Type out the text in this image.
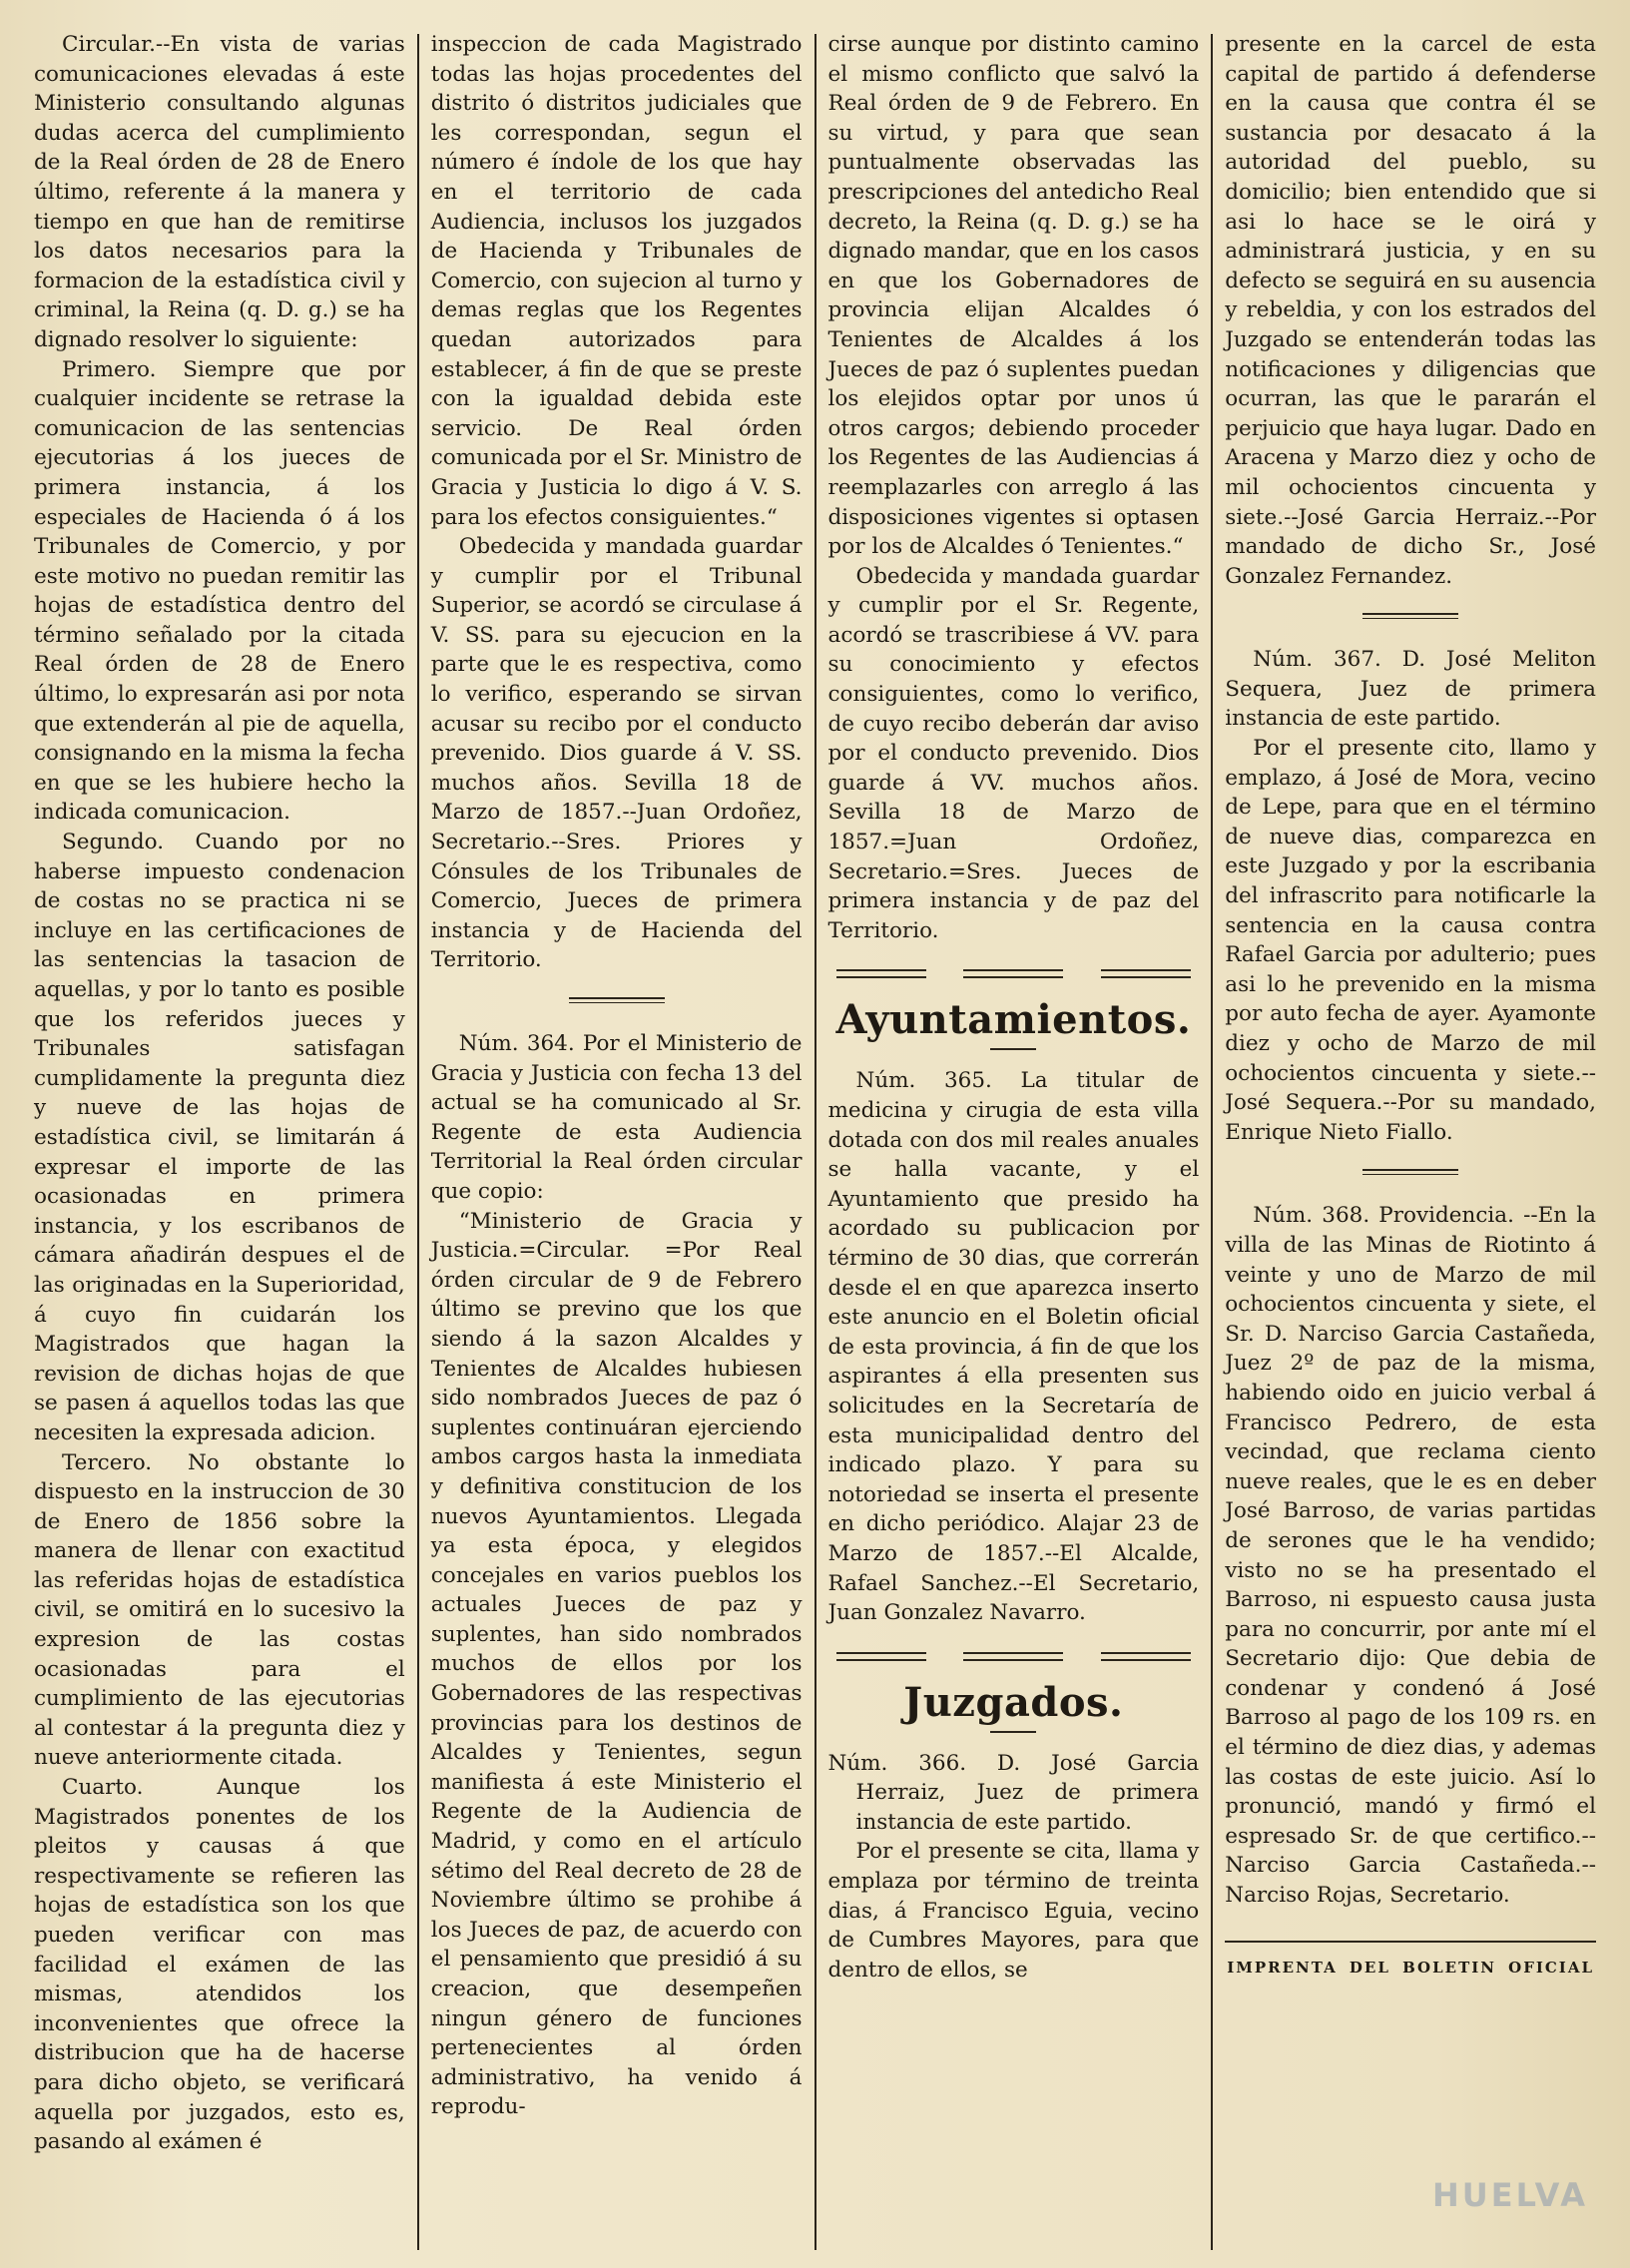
Circular.--En vista de varias comunicaciones elevadas á este Ministerio consultando algunas dudas acerca del cumplimiento de la Real órden de 28 de Enero último, referente á la manera y tiempo en que han de remitirse los datos necesarios para la formacion de la estadística civil y criminal, la Reina (q. D. g.) se ha dignado resolver lo siguiente:

Primero. Siempre que por cualquier incidente se retrase la comunicacion de las sentencias ejecutorias á los jueces de primera instancia, á los especiales de Hacienda ó á los Tribunales de Comercio, y por este motivo no puedan remitir las hojas de estadística dentro del término señalado por la citada Real órden de 28 de Enero último, lo expresarán asi por nota que extenderán al pie de aquella, consignando en la misma la fecha en que se les hubiere hecho la indicada comunicacion.

Segundo. Cuando por no haberse impuesto condenacion de costas no se practica ni se incluye en las certificaciones de las sentencias la tasacion de aquellas, y por lo tanto es posible que los referidos jueces y Tribunales satisfagan cumplidamente la pregunta diez y nueve de las hojas de estadística civil, se limitarán á expresar el importe de las ocasionadas en primera instancia, y los escribanos de cámara añadirán despues el de las originadas en la Superioridad, á cuyo fin cuidarán los Magistrados que hagan la revision de dichas hojas de que se pasen á aquellos todas las que necesiten la expresada adicion.

Tercero. No obstante lo dispuesto en la instruccion de 30 de Enero de 1856 sobre la manera de llenar con exactitud las referidas hojas de estadística civil, se omitirá en lo sucesivo la expresion de las costas ocasionadas para el cumplimiento de las ejecutorias al contestar á la pregunta diez y nueve anteriormente citada.

Cuarto. Aunque los Magistrados ponentes de los pleitos y causas á que respectivamente se refieren las hojas de estadística son los que pueden verificar con mas facilidad el exámen de las mismas, atendidos los inconvenientes que ofrece la distribucion que ha de hacerse para dicho objeto, se verificará aquella por juzgados, esto es, pasando al exámen é

inspeccion de cada Magistrado todas las hojas procedentes del distrito ó distritos judiciales que les correspondan, segun el número é índole de los que hay en el territorio de cada Audiencia, inclusos los juzgados de Hacienda y Tribunales de Comercio, con sujecion al turno y demas reglas que los Regentes quedan autorizados para establecer, á fin de que se preste con la igualdad debida este servicio. De Real órden comunicada por el Sr. Ministro de Gracia y Justicia lo digo á V. S. para los efectos consiguientes.“

Obedecida y mandada guardar y cumplir por el Tribunal Superior, se acordó se circulase á V. SS. para su ejecucion en la parte que le es respectiva, como lo verifico, esperando se sirvan acusar su recibo por el conducto prevenido. Dios guarde á V. SS. muchos años. Sevilla 18 de Marzo de 1857.--Juan Ordoñez, Secretario.--Sres. Priores y Cónsules de los Tribunales de Comercio, Jueces de primera instancia y de Hacienda del Territorio.

Núm. 364. Por el Ministerio de Gracia y Justicia con fecha 13 del actual se ha comunicado al Sr. Regente de esta Audiencia Territorial la Real órden circular que copio:

“Ministerio de Gracia y Justicia.=Circular. =Por Real órden circular de 9 de Febrero último se previno que los que siendo á la sazon Alcaldes y Tenientes de Alcaldes hubiesen sido nombrados Jueces de paz ó suplentes continuáran ejerciendo ambos cargos hasta la inmediata y definitiva constitucion de los nuevos Ayuntamientos. Llegada ya esta época, y elegidos concejales en varios pueblos los actuales Jueces de paz y suplentes, han sido nombrados muchos de ellos por los Gobernadores de las respectivas provincias para los destinos de Alcaldes y Tenientes, segun manifiesta á este Ministerio el Regente de la Audiencia de Madrid, y como en el artículo sétimo del Real decreto de 28 de Noviembre último se prohibe á los Jueces de paz, de acuerdo con el pensamiento que presidió á su creacion, que desempeñen ningun género de funciones pertenecientes al órden administrativo, ha venido á reprodu-

cirse aunque por distinto camino el mismo conflicto que salvó la Real órden de 9 de Febrero. En su virtud, y para que sean puntualmente observadas las prescripciones del antedicho Real decreto, la Reina (q. D. g.) se ha dignado mandar, que en los casos en que los Gobernadores de provincia elijan Alcaldes ó Tenientes de Alcaldes á los Jueces de paz ó suplentes puedan los elejidos optar por unos ú otros cargos; debiendo proceder los Regentes de las Audiencias á reemplazarles con arreglo á las disposiciones vigentes si optasen por los de Alcaldes ó Tenientes.“

Obedecida y mandada guardar y cumplir por el Sr. Regente, acordó se trascribiese á VV. para su conocimiento y efectos consiguientes, como lo verifico, de cuyo recibo deberán dar aviso por el conducto prevenido. Dios guarde á VV. muchos años. Sevilla 18 de Marzo de 1857.=Juan Ordoñez, Secretario.=Sres. Jueces de primera instancia y de paz del Territorio.

Ayuntamientos.

Núm. 365. La titular de medicina y cirugia de esta villa dotada con dos mil reales anuales se halla vacante, y el Ayuntamiento que presido ha acordado su publicacion por término de 30 dias, que correrán desde el en que aparezca inserto este anuncio en el Boletin oficial de esta provincia, á fin de que los aspirantes á ella presenten sus solicitudes en la Secretaría de esta municipalidad dentro del indicado plazo. Y para su notoriedad se inserta el presente en dicho periódico. Alajar 23 de Marzo de 1857.--El Alcalde, Rafael Sanchez.--El Secretario, Juan Gonzalez Navarro.

Juzgados.

Núm. 366. D. José Garcia Herraiz, Juez de primera instancia de este partido.

Por el presente se cita, llama y emplaza por término de treinta dias, á Francisco Eguia, vecino de Cumbres Mayores, para que dentro de ellos, se

presente en la carcel de esta capital de partido á defenderse en la causa que contra él se sustancia por desacato á la autoridad del pueblo, su domicilio; bien entendido que si asi lo hace se le oirá y administrará justicia, y en su defecto se seguirá en su ausencia y rebeldia, y con los estrados del Juzgado se entenderán todas las notificaciones y diligencias que ocurran, las que le pararán el perjuicio que haya lugar. Dado en Aracena y Marzo diez y ocho de mil ochocientos cincuenta y siete.--José Garcia Herraiz.--Por mandado de dicho Sr., José Gonzalez Fernandez.

Núm. 367. D. José Meliton Sequera, Juez de primera instancia de este partido.

Por el presente cito, llamo y emplazo, á José de Mora, vecino de Lepe, para que en el término de nueve dias, comparezca en este Juzgado y por la escribania del infrascrito para notificarle la sentencia en la causa contra Rafael Garcia por adulterio; pues asi lo he prevenido en la misma por auto fecha de ayer. Ayamonte diez y ocho de Marzo de mil ochocientos cincuenta y siete.--José Sequera.--Por su mandado, Enrique Nieto Fiallo.

Núm. 368. Providencia. --En la villa de las Minas de Riotinto á veinte y uno de Marzo de mil ochocientos cincuenta y siete, el Sr. D. Narciso Garcia Castañeda, Juez 2º de paz de la misma, habiendo oido en juicio verbal á Francisco Pedrero, de esta vecindad, que reclama ciento nueve reales, que le es en deber José Barroso, de varias partidas de serones que le ha vendido; visto no se ha presentado el Barroso, ni espuesto causa justa para no concurrir, por ante mí el Secretario dijo: Que debia de condenar y condenó á José Barroso al pago de los 109 rs. en el término de diez dias, y ademas las costas de este juicio. Así lo pronunció, mandó y firmó el espresado Sr. de que certifico.--Narciso Garcia Castañeda.--Narciso Rojas, Secretario.

IMPRENTA DEL BOLETIN OFICIAL
HUELVA
